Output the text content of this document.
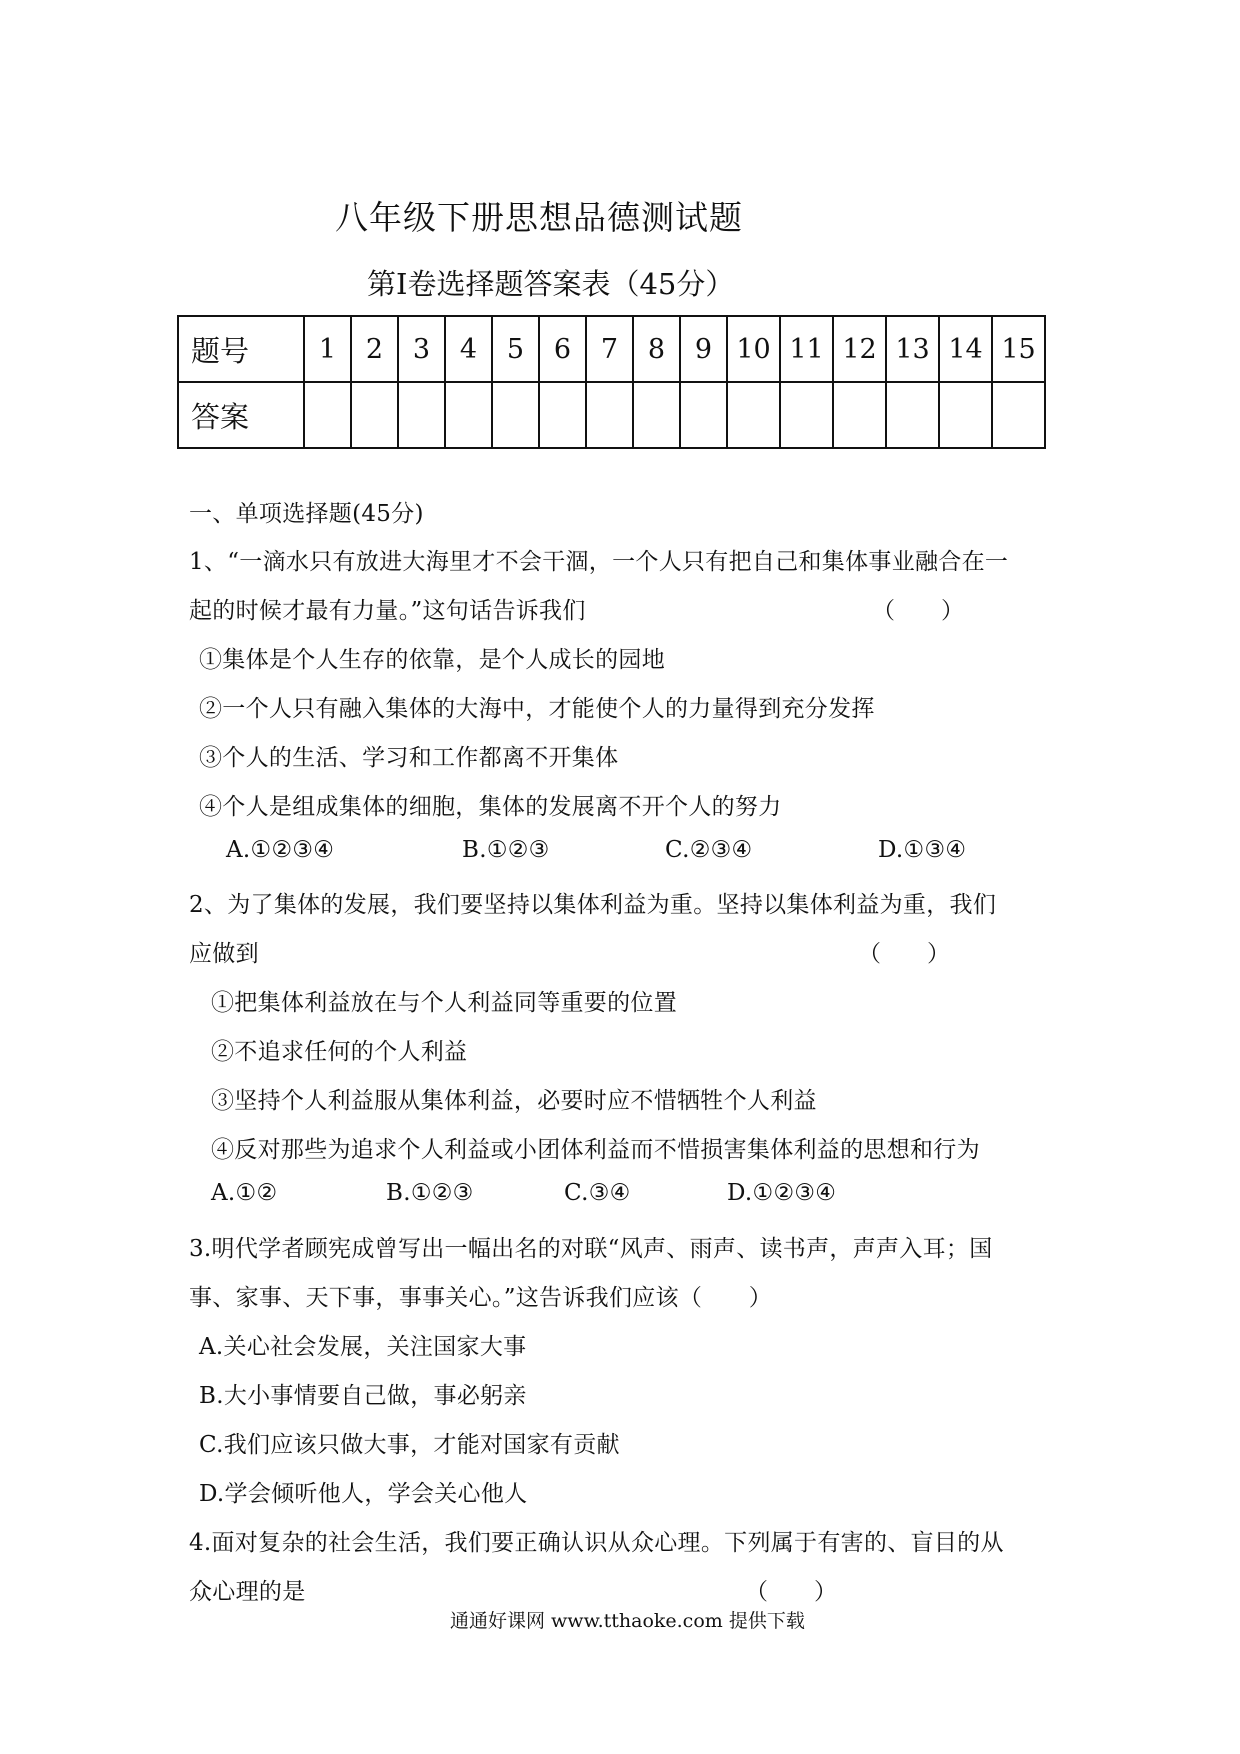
八年级下册思想品德测试题
第Ⅰ卷选择题答案表（45分）
题号	1	2	3	4	5	6	7	8	9	10	11	12	13	14	15
答案															
一、单项选择题(45分)
1、“一滴水只有放进大海里才不会干涸，一个人只有把自己和集体事业融合在一
起的时候才最有力量。”这句话告诉我们	（　　）
①集体是个人生存的依靠，是个人成长的园地
②一个人只有融入集体的大海中，才能使个人的力量得到充分发挥
③个人的生活、学习和工作都离不开集体
④个人是组成集体的细胞，集体的发展离不开个人的努力
A.①②③④	B.①②③	C.②③④	D.①③④
2、为了集体的发展，我们要坚持以集体利益为重。坚持以集体利益为重，我们
应做到	（　　）
①把集体利益放在与个人利益同等重要的位置
②不追求任何的个人利益
③坚持个人利益服从集体利益，必要时应不惜牺牲个人利益
④反对那些为追求个人利益或小团体利益而不惜损害集体利益的思想和行为
A.①②	B.①②③	C.③④	D.①②③④
3.明代学者顾宪成曾写出一幅出名的对联“风声、雨声、读书声，声声入耳；国
事、家事、天下事，事事关心。”这告诉我们应该（　　）
A.关心社会发展，关注国家大事
B.大小事情要自己做，事必躬亲
C.我们应该只做大事，才能对国家有贡献
D.学会倾听他人，学会关心他人
4.面对复杂的社会生活，我们要正确认识从众心理。下列属于有害的、盲目的从
众心理的是	（　　）
通通好课网 www.tthaoke.com 提供下载
